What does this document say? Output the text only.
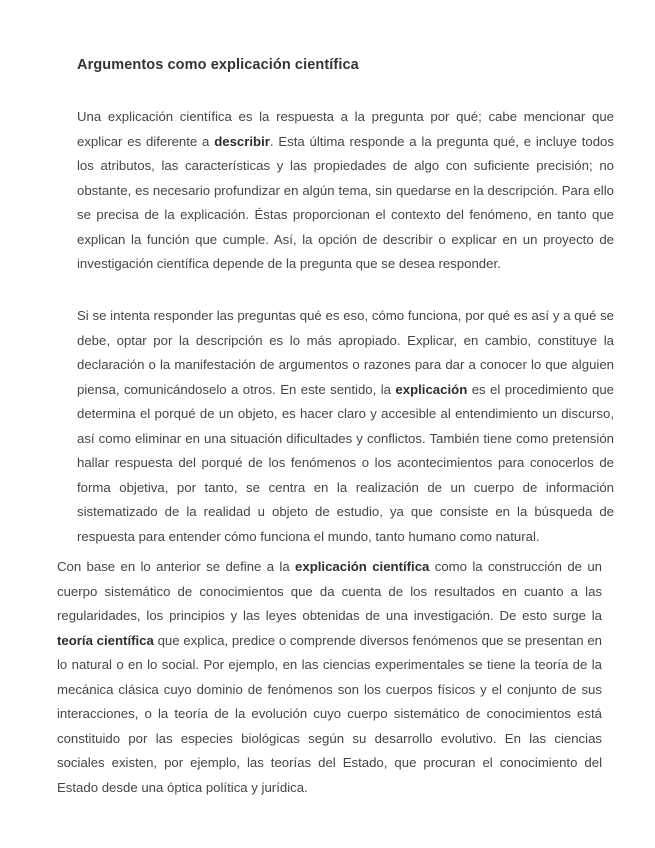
Argumentos como explicación científica

Una explicación científica es la respuesta a la pregunta por qué; cabe mencionar que explicar es diferente a describir. Esta última responde a la pregunta qué, e incluye todos los atributos, las características y las propiedades de algo con suficiente precisión; no obstante, es necesario profundizar en algún tema, sin quedarse en la descripción. Para ello se precisa de la explicación. Éstas proporcionan el contexto del fenómeno, en tanto que explican la función que cumple. Así, la opción de describir o explicar en un proyecto de investigación científica depende de la pregunta que se desea responder.

Si se intenta responder las preguntas qué es eso, cómo funciona, por qué es así y a qué se debe, optar por la descripción es lo más apropiado. Explicar, en cambio, constituye la declaración o la manifestación de argumentos o razones para dar a conocer lo que alguien piensa, comunicándoselo a otros. En este sentido, la explicación es el procedimiento que determina el porqué de un objeto, es hacer claro y accesible al entendimiento un discurso, así como eliminar en una situación dificultades y conflictos. También tiene como pretensión hallar respuesta del porqué de los fenómenos o los acontecimientos para conocerlos de forma objetiva, por tanto, se centra en la realización de un cuerpo de información sistematizado de la realidad u objeto de estudio, ya que consiste en la búsqueda de respuesta para entender cómo funciona el mundo, tanto humano como natural.

Con base en lo anterior se define a la explicación científica como la construcción de un cuerpo sistemático de conocimientos que da cuenta de los resultados en cuanto a las regularidades, los principios y las leyes obtenidas de una investigación. De esto surge la teoría científica que explica, predice o comprende diversos fenómenos que se presentan en lo natural o en lo social. Por ejemplo, en las ciencias experimentales se tiene la teoría de la mecánica clásica cuyo dominio de fenómenos son los cuerpos físicos y el conjunto de sus interacciones, o la teoría de la evolución cuyo cuerpo sistemático de conocimientos está constituido por las especies biológicas según su desarrollo evolutivo. En las ciencias sociales existen, por ejemplo, las teorías del Estado, que procuran el conocimiento del Estado desde una óptica política y jurídica.
